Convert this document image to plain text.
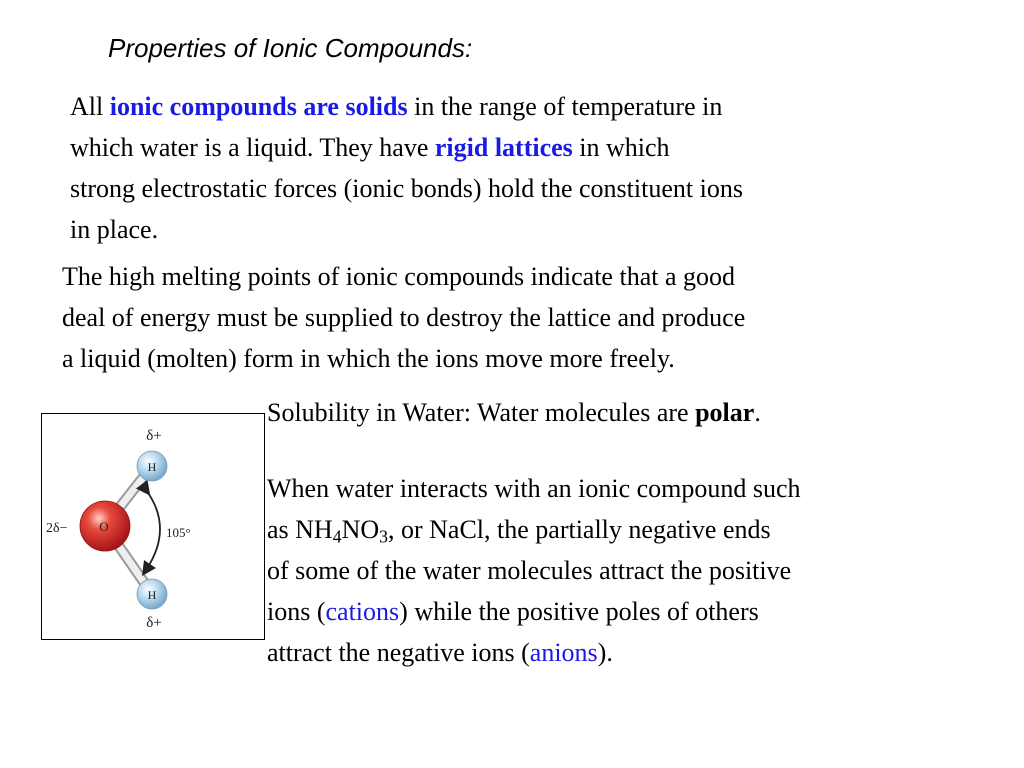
Properties of Ionic Compounds:

All ionic compounds are solids in the range of temperature in
which water is a liquid. They have rigid lattices in which
strong electrostatic forces (ionic bonds) hold the constituent ions
in place.

The high melting points of ionic compounds indicate that a good
deal of energy must be supplied to destroy the lattice and produce
a liquid (molten) form in which the ions move more freely.

Solubility in Water: Water molecules are polar.

When water interacts with an ionic compound such
as $NH_4NO_3$, or NaCl, the partially negative ends
of some of the water molecules attract the positive
ions (cations) while the positive poles of others
attract the negative ions (anions).

O
H
H
δ+
δ+
2δ−	105°
